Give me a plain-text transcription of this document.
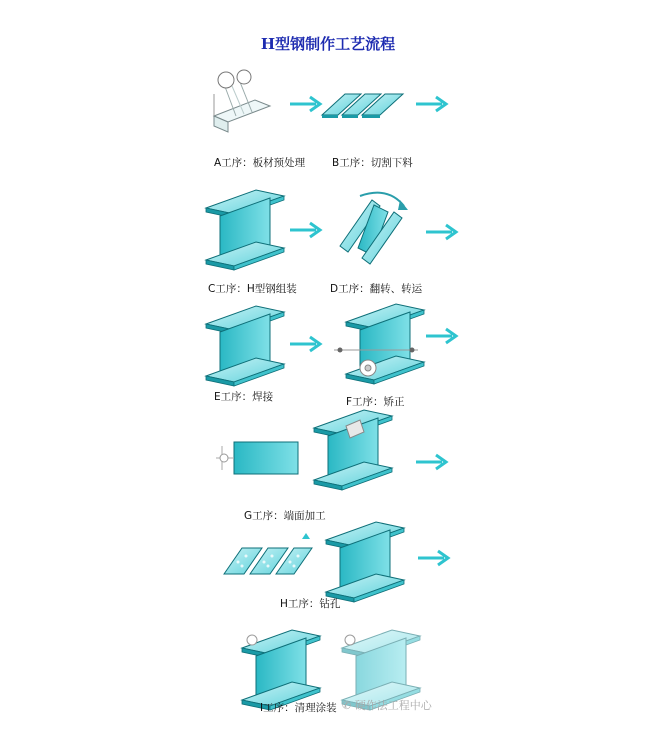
H型钢制作工艺流程
A工序：板材预处理	B工序：切割下料
C工序：H型钢组装	D工序：翻转、转运
E工序：焊接	F工序：矫正
G工序：端面加工
H工序：钻孔
I工序：清理涂装 ✆ 硬作法工程中心
